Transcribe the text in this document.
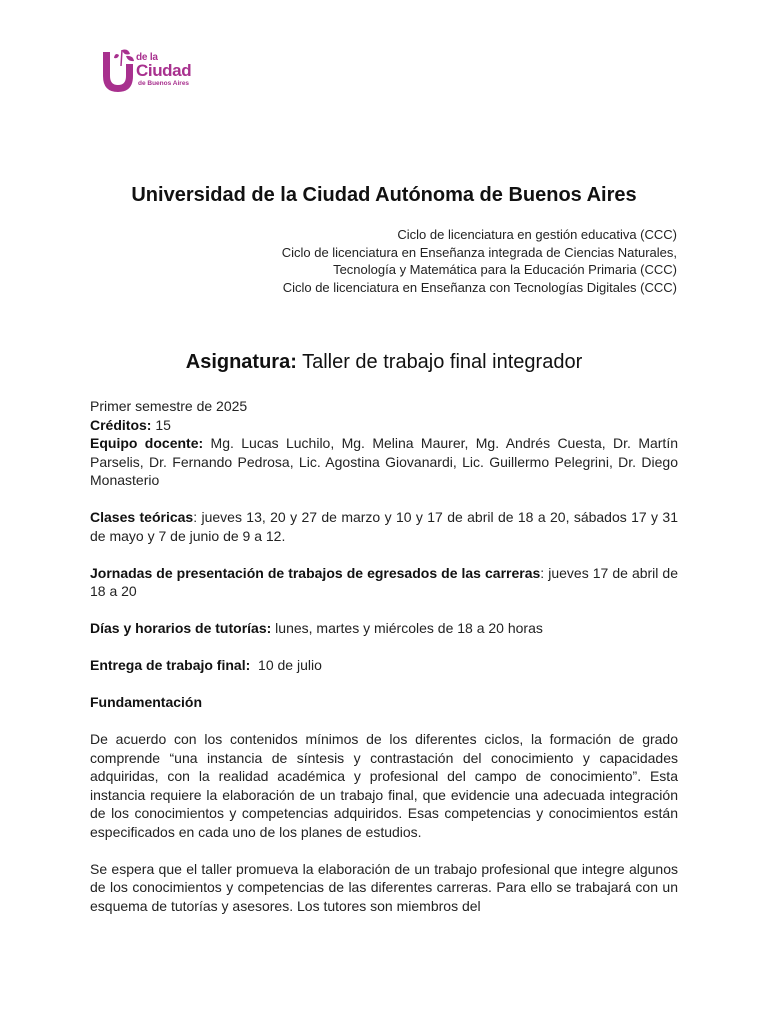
de la
Ciudad
de Buenos Aires
Universidad de la Ciudad Autónoma de Buenos Aires
Ciclo de licenciatura en gestión educativa (CCC)
Ciclo de licenciatura en Enseñanza integrada de Ciencias Naturales,
Tecnología y Matemática para la Educación Primaria (CCC)
Ciclo de licenciatura en Enseñanza con Tecnologías Digitales (CCC)
Asignatura: Taller de trabajo final integrador

Primer semestre de 2025

Créditos: 15

Equipo docente: Mg. Lucas Luchilo, Mg. Melina Maurer, Mg. Andrés Cuesta, Dr. Martín Parselis, Dr. Fernando Pedrosa, Lic. Agostina Giovanardi, Lic. Guillermo Pelegrini, Dr. Diego Monasterio

Clases teóricas: jueves 13, 20 y 27 de marzo y 10 y 17 de abril de 18 a 20, sábados 17 y 31 de mayo y 7 de junio de 9 a 12.

Jornadas de presentación de trabajos de egresados de las carreras: jueves 17 de abril de 18 a 20

Días y horarios de tutorías: lunes, martes y miércoles de 18 a 20 horas

Entrega de trabajo final:  10 de julio

Fundamentación

De acuerdo con los contenidos mínimos de los diferentes ciclos, la formación de grado comprende “una instancia de síntesis y contrastación del conocimiento y capacidades adquiridas, con la realidad académica y profesional del campo de conocimiento”. Esta instancia requiere la elaboración de un trabajo final, que evidencie una adecuada integración de los conocimientos y competencias adquiridos. Esas competencias y conocimientos están especificados en cada uno de los planes de estudios.

Se espera que el taller promueva la elaboración de un trabajo profesional que integre algunos de los conocimientos y competencias de las diferentes carreras. Para ello se trabajará con un esquema de tutorías y asesores. Los tutores son miembros del
